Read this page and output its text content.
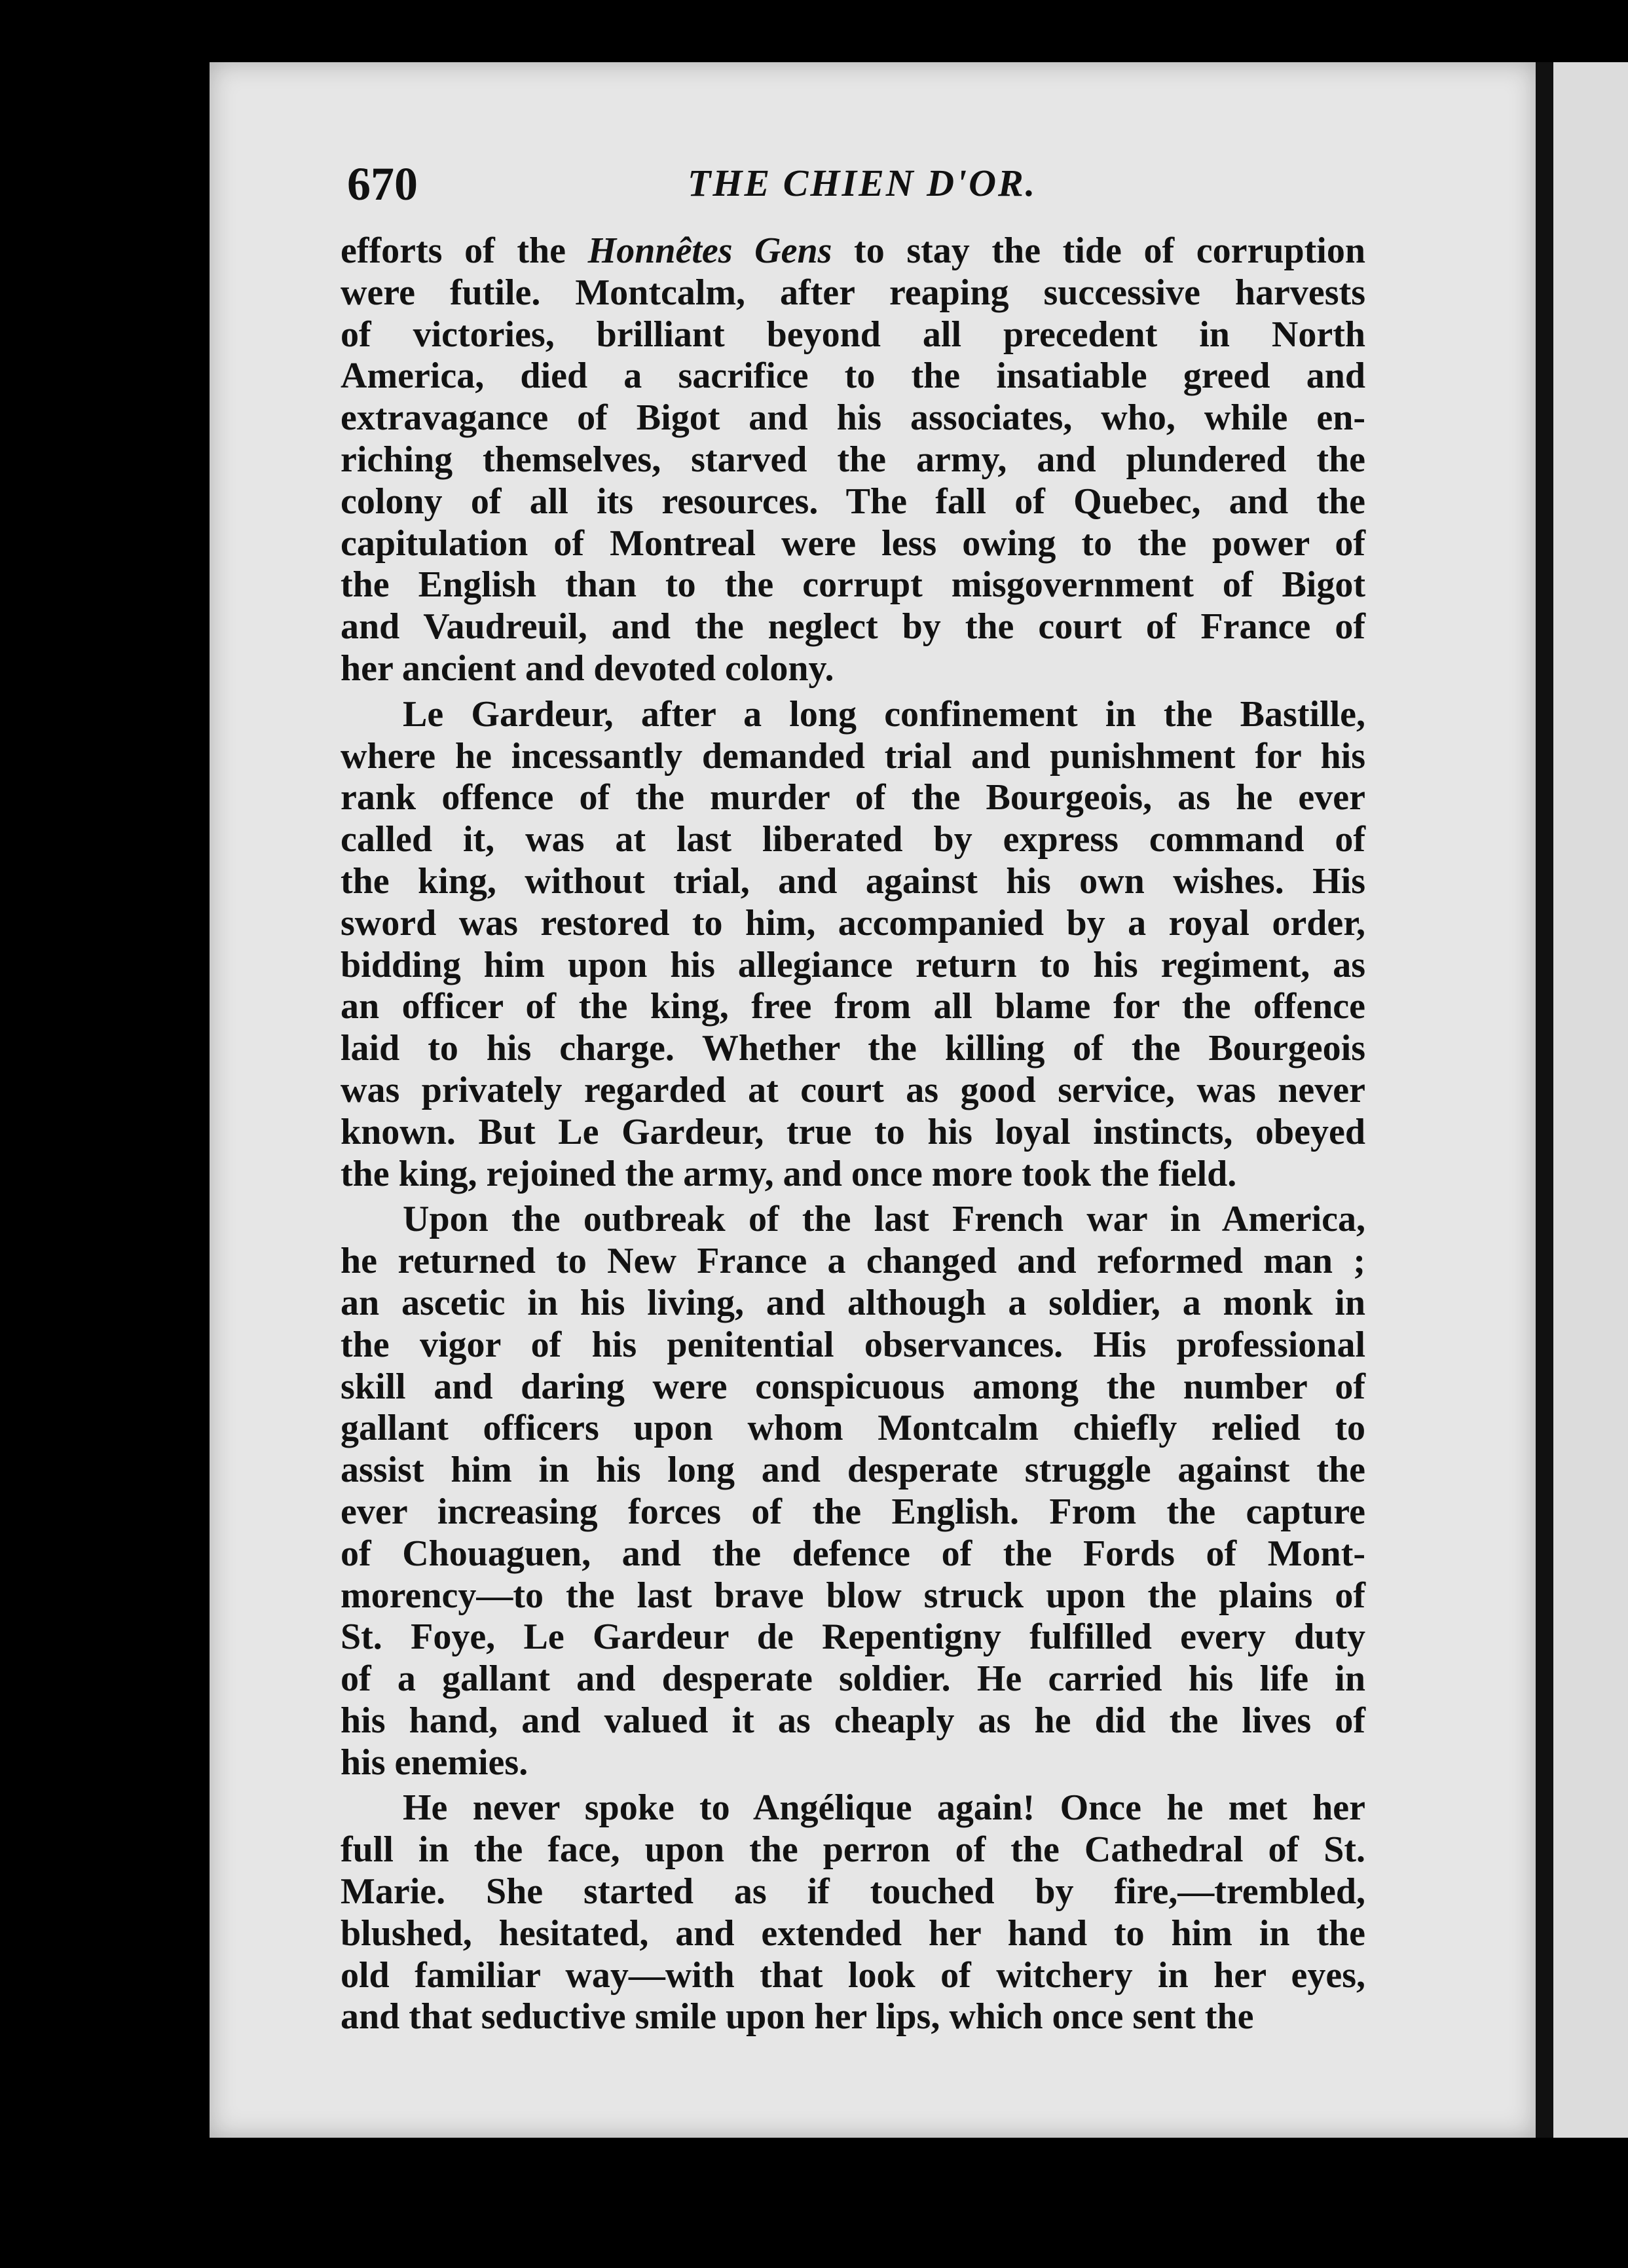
670	THE CHIEN D'OR.
efforts of the Honnêtes Gens to stay the tide of corruption
were futile. Montcalm, after reaping successive harvests
of victories, brilliant beyond all precedent in North
America, died a sacrifice to the insatiable greed and
extravagance of Bigot and his associates, who, while en-
riching themselves, starved the army, and plundered the
colony of all its resources. The fall of Quebec, and the
capitulation of Montreal were less owing to the power of
the English than to the corrupt misgovernment of Bigot
and Vaudreuil, and the neglect by the court of France of
her ancient and devoted colony.
Le Gardeur, after a long confinement in the Bastille,
where he incessantly demanded trial and punishment for his
rank offence of the murder of the Bourgeois, as he ever
called it, was at last liberated by express command of
the king, without trial, and against his own wishes. His
sword was restored to him, accompanied by a royal order,
bidding him upon his allegiance return to his regiment, as
an officer of the king, free from all blame for the offence
laid to his charge. Whether the killing of the Bourgeois
was privately regarded at court as good service, was never
known. But Le Gardeur, true to his loyal instincts, obeyed
the king, rejoined the army, and once more took the field.
Upon the outbreak of the last French war in America,
he returned to New France a changed and reformed man ;
an ascetic in his living, and although a soldier, a monk in
the vigor of his penitential observances. His professional
skill and daring were conspicuous among the number of
gallant officers upon whom Montcalm chiefly relied to
assist him in his long and desperate struggle against the
ever increasing forces of the English. From the capture
of Chouaguen, and the defence of the Fords of Mont-
morency—to the last brave blow struck upon the plains of
St. Foye, Le Gardeur de Repentigny fulfilled every duty
of a gallant and desperate soldier. He carried his life in
his hand, and valued it as cheaply as he did the lives of
his enemies.
He never spoke to Angélique again! Once he met her
full in the face, upon the perron of the Cathedral of St.
Marie. She started as if touched by fire,—trembled,
blushed, hesitated, and extended her hand to him in the
old familiar way—with that look of witchery in her eyes,
and that seductive smile upon her lips, which once sent the
